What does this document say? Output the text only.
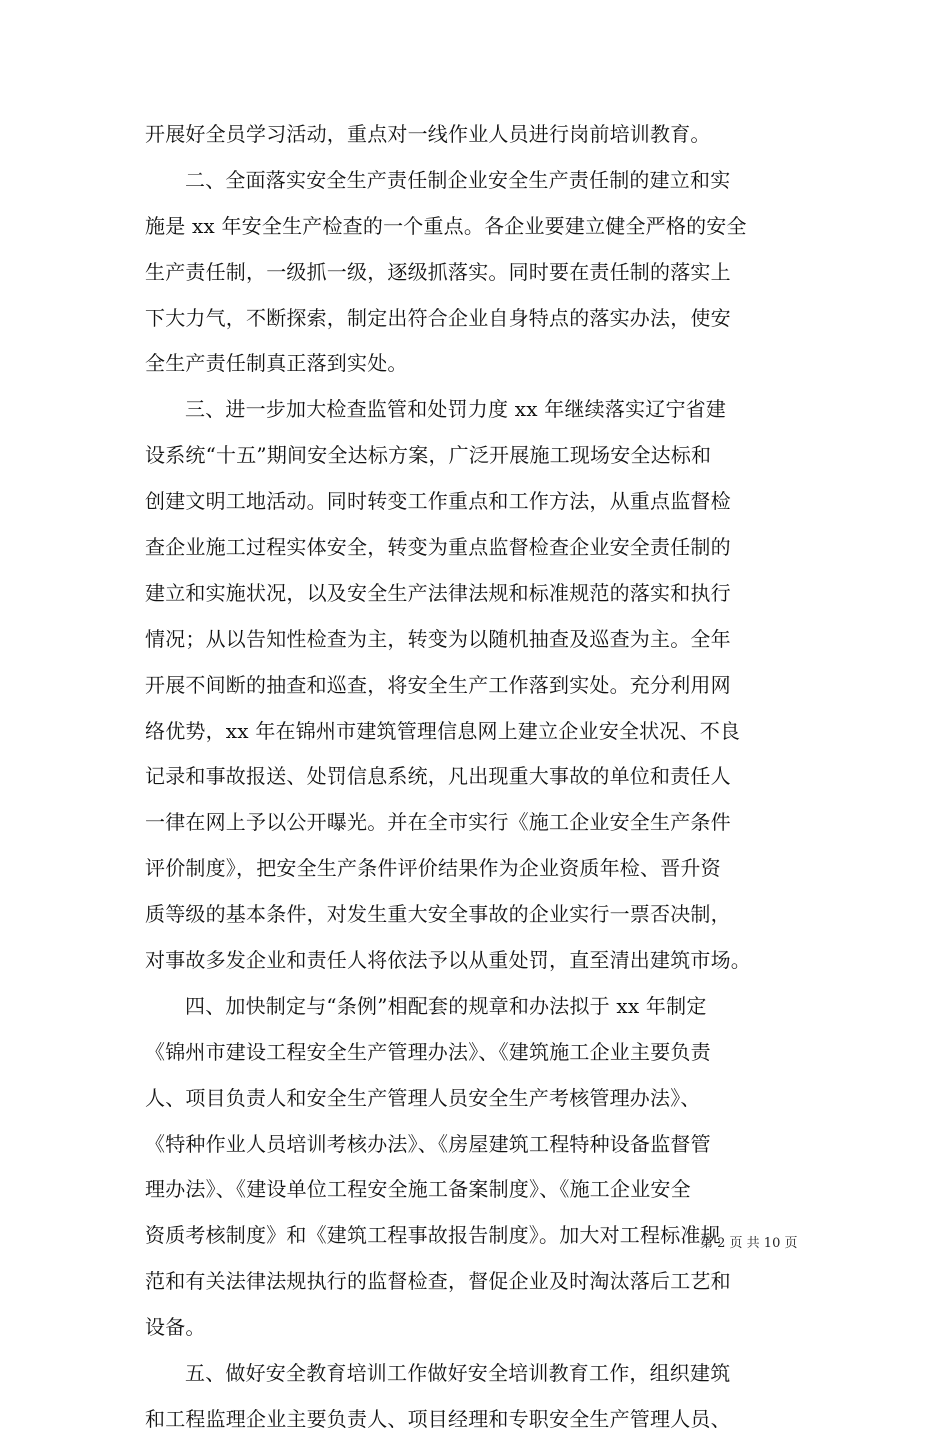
开展好全员学习活动，重点对一线作业人员进行岗前培训教育。
二、全面落实安全生产责任制企业安全生产责任制的建立和实
施是 xx 年安全生产检查的一个重点。各企业要建立健全严格的安全
生产责任制，一级抓一级，逐级抓落实。同时要在责任制的落实上
下大力气，不断探索，制定出符合企业自身特点的落实办法，使安
全生产责任制真正落到实处。
三、进一步加大检查监管和处罚力度 xx 年继续落实辽宁省建
设系统“十五”期间安全达标方案，广泛开展施工现场安全达标和
创建文明工地活动。同时转变工作重点和工作方法，从重点监督检
查企业施工过程实体安全，转变为重点监督检查企业安全责任制的
建立和实施状况，以及安全生产法律法规和标准规范的落实和执行
情况；从以告知性检查为主，转变为以随机抽查及巡查为主。全年
开展不间断的抽查和巡查，将安全生产工作落到实处。充分利用网
络优势，xx 年在锦州市建筑管理信息网上建立企业安全状况、不良
记录和事故报送、处罚信息系统，凡出现重大事故的单位和责任人
一律在网上予以公开曝光。并在全市实行《施工企业安全生产条件
评价制度》，把安全生产条件评价结果作为企业资质年检、晋升资
质等级的基本条件，对发生重大安全事故的企业实行一票否决制，
对事故多发企业和责任人将依法予以从重处罚，直至清出建筑市场。
四、加快制定与“条例”相配套的规章和办法拟于 xx 年制定
《锦州市建设工程安全生产管理办法》、《建筑施工企业主要负责
人、项目负责人和安全生产管理人员安全生产考核管理办法》、
《特种作业人员培训考核办法》、《房屋建筑工程特种设备监督管
理办法》、《建设单位工程安全施工备案制度》、《施工企业安全
资质考核制度》和《建筑工程事故报告制度》。加大对工程标准规
范和有关法律法规执行的监督检查，督促企业及时淘汰落后工艺和
设备。
五、做好安全教育培训工作做好安全培训教育工作，组织建筑
和工程监理企业主要负责人、项目经理和专职安全生产管理人员、
第 2 页 共 10 页
